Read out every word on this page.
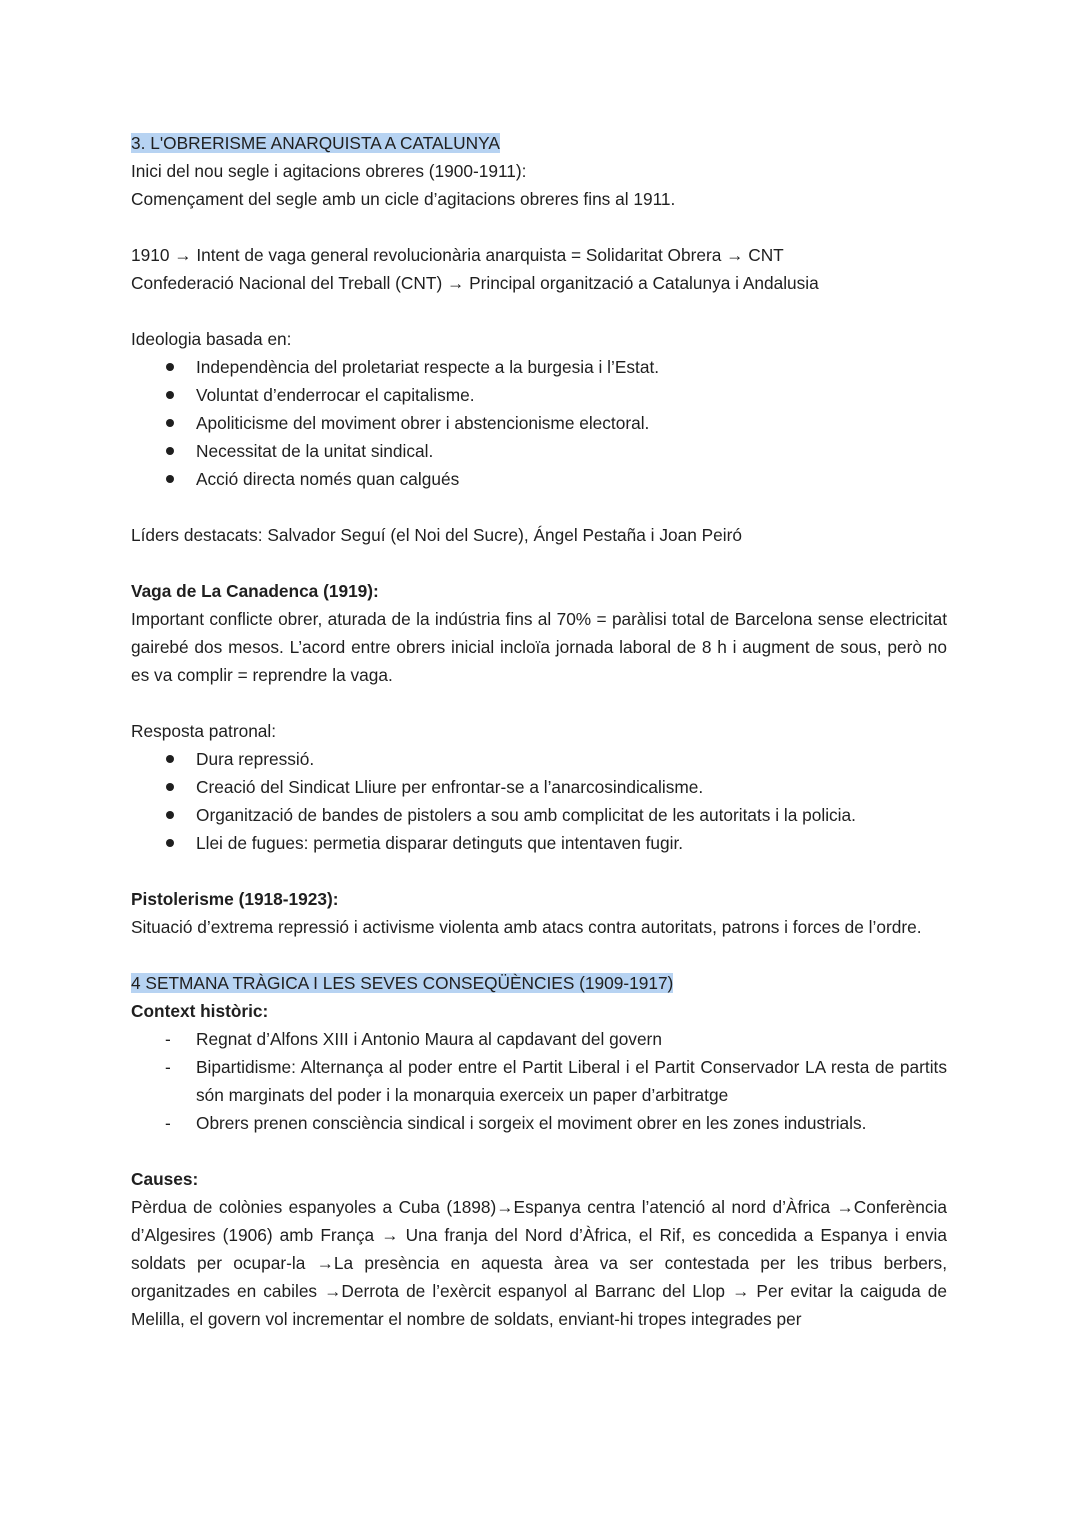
3. L'OBRERISME ANARQUISTA A CATALUNYA

Inici del nou segle i agitacions obreres (1900-1911):

Començament del segle amb un cicle d’agitacions obreres fins al 1911.

1910 → Intent de vaga general revolucionària anarquista = Solidaritat Obrera → CNT

Confederació Nacional del Treball (CNT) → Principal organització a Catalunya i Andalusia

Ideologia basada en:

Independència del proletariat respecte a la burgesia i l’Estat.
Voluntat d’enderrocar el capitalisme.
Apoliticisme del moviment obrer i abstencionisme electoral.
Necessitat de la unitat sindical.
Acció directa només quan calgués

Líders destacats: Salvador Seguí (el Noi del Sucre), Ángel Pestaña i Joan Peiró

Vaga de La Canadenca (1919):

Important conflicte obrer, aturada de la indústria fins al 70% = paràlisi total de Barcelona sense electricitat gairebé dos mesos. L’acord entre obrers inicial incloïa jornada laboral de 8 h i augment de sous, però no es va complir = reprendre la vaga.

Resposta patronal:

Dura repressió.
Creació del Sindicat Lliure per enfrontar-se a l’anarcosindicalisme.
Organització de bandes de pistolers a sou amb complicitat de les autoritats i la policia.
Llei de fugues: permetia disparar detinguts que intentaven fugir.

Pistolerisme (1918-1923):

Situació d’extrema repressió i activisme violenta amb atacs contra autoritats, patrons i forces de l’ordre.

4 SETMANA TRÀGICA I LES SEVES CONSEQÜÈNCIES (1909-1917)

Context històric:

- Regnat d’Alfons XIII i Antonio Maura al capdavant del govern
- Bipartidisme: Alternança al poder entre el Partit Liberal i el Partit Conservador LA resta de partits són marginats del poder i la monarquia exerceix un paper d’arbitratge
- Obrers prenen consciència sindical i sorgeix el moviment obrer en les zones industrials.

Causes:

Pèrdua de colònies espanyoles a Cuba (1898)→Espanya centra l’atenció al nord d’Àfrica →Conferència d’Algesires (1906) amb França → Una franja del Nord d’Àfrica, el Rif, es concedida a Espanya i envia soldats per ocupar-la →La presència en aquesta àrea va ser contestada per les tribus berbers, organitzades en cabiles →Derrota de l’exèrcit espanyol al Barranc del Llop → Per evitar la caiguda de Melilla, el govern vol incrementar el nombre de soldats, enviant-hi tropes integrades per
